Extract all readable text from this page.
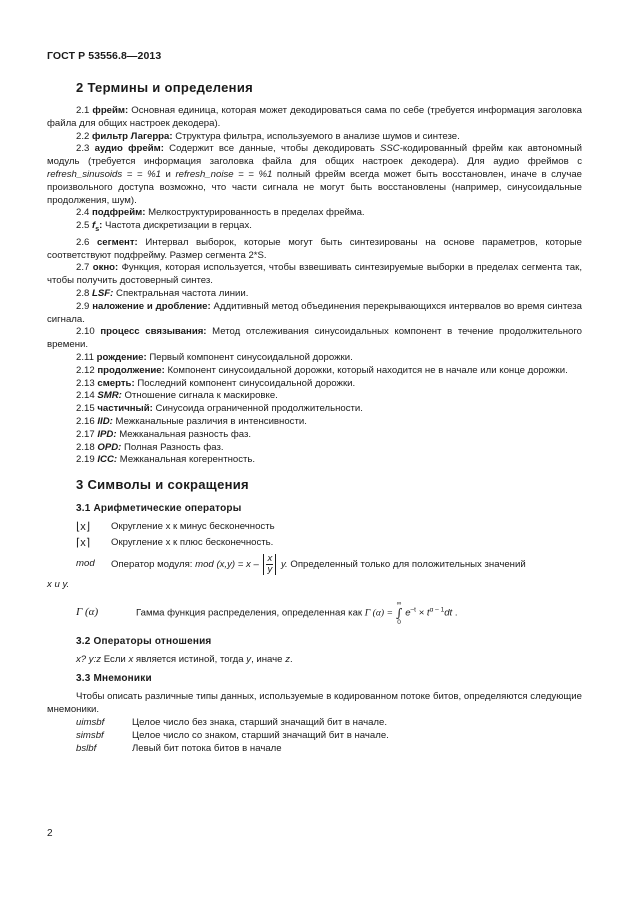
ГОСТ Р 53556.8—2013
2 Термины и определения

2.1 фрейм: Основная единица, которая может декодироваться сама по себе (требуется информация заголовка файла для общих настроек декодера).

2.2 фильтр Лагерра: Структура фильтра, используемого в анализе шумов и синтезе.

2.3 аудио фрейм: Содержит все данные, чтобы декодировать SSC-кодированный фрейм как автономный модуль (требуется информация заголовка файла для общих настроек декодера). Для аудио фреймов с refresh_sinusoids = = %1 и refresh_noise = = %1 полный фрейм всегда может быть восстановлен, иначе в случае произвольного доступа возможно, что части сигнала не могут быть восстановлены (например, синусоидальные продолжения, шум).

2.4 подфрейм: Мелкоструктурированность в пределах фрейма.

2.5 $f_s$: Частота дискретизации в герцах.

2.6 сегмент: Интервал выборок, которые могут быть синтезированы на основе параметров, которые соответствуют подфрейму. Размер сегмента 2*S.

2.7 окно: Функция, которая используется, чтобы взвешивать синтезируемые выборки в пределах сегмента так, чтобы получить достоверный синтез.

2.8 LSF: Спектральная частота линии.

2.9 наложение и дробление: Аддитивный метод объединения перекрывающихся интервалов во время синтеза сигнала.

2.10 процесс связывания: Метод отслеживания синусоидальных компонент в течение продолжительного времени.

2.11 рождение: Первый компонент синусоидальной дорожки.

2.12 продолжение: Компонент синусоидальной дорожки, который находится не в начале или конце дорожки.

2.13 смерть: Последний компонент синусоидальной дорожки.

2.14 SMR: Отношение сигнала к маскировке.

2.15 частичный: Синусоида ограниченной продолжительности.

2.16 IID: Межканальные различия в интенсивности.

2.17 IPD: Межканальная разность фаз.

2.18 OPD: Полная Разность фаз.

2.19 ICC: Межканальная когерентность.

3 Символы и сокращения
3.1 Арифметические операторы
⌊x⌋	Округление x к минус бесконечность
⌈x⌉	Округление x к плюс бесконечность.
mod	Оператор модуля: mod $(x,y) = x - \frac{x}{y} y$. Определенный только для положительных значений

x и y.

Γ (α)	Гамма функция распределения, определенная как Γ (α) =
∞
∫
0
$e^{-t} \times t^{\alpha - 1}dt$ .
3.2 Операторы отношения

x? y:z Если x является истиной, тогда y, иначе z.

3.3 Мнемоники

Чтобы описать различные типы данных, используемые в кодированном потоке битов, определяются следующие мнемоники.

uimsbf	Целое число без знака, старший значащий бит в начале.
simsbf	Целое число со знаком, старший значащий бит в начале.
bslbf	Левый бит потока битов в начале
2
